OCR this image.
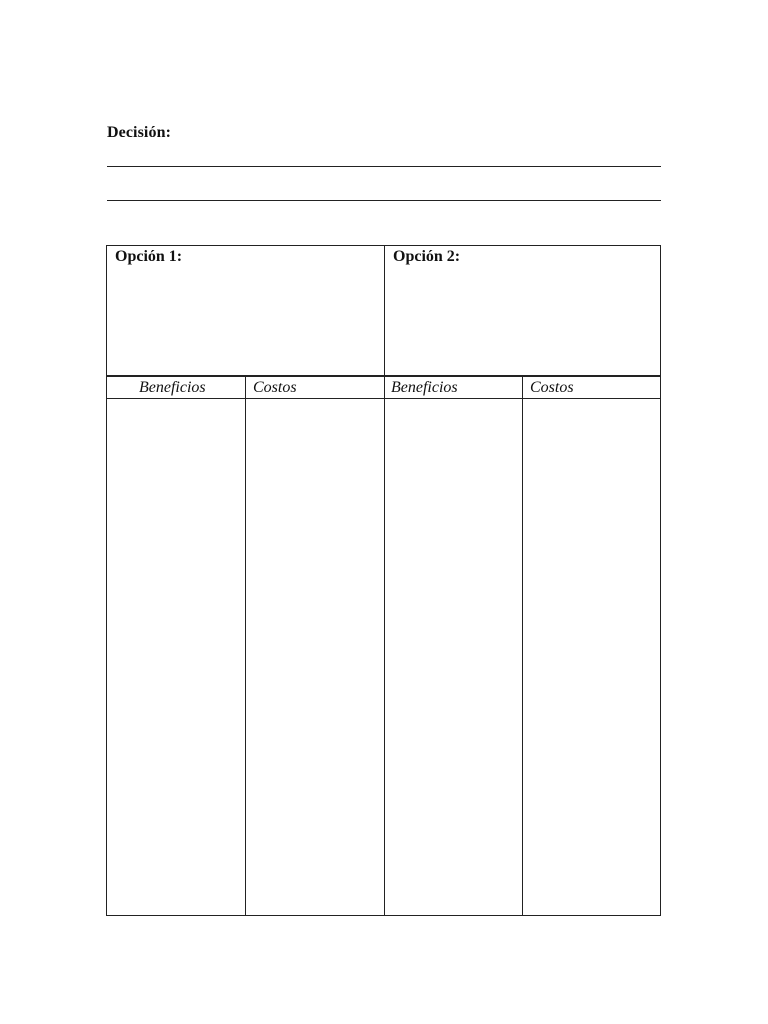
Decisión:
Opción 1:	Opción 2:
Beneficios	Costos	Beneficios	Costos
